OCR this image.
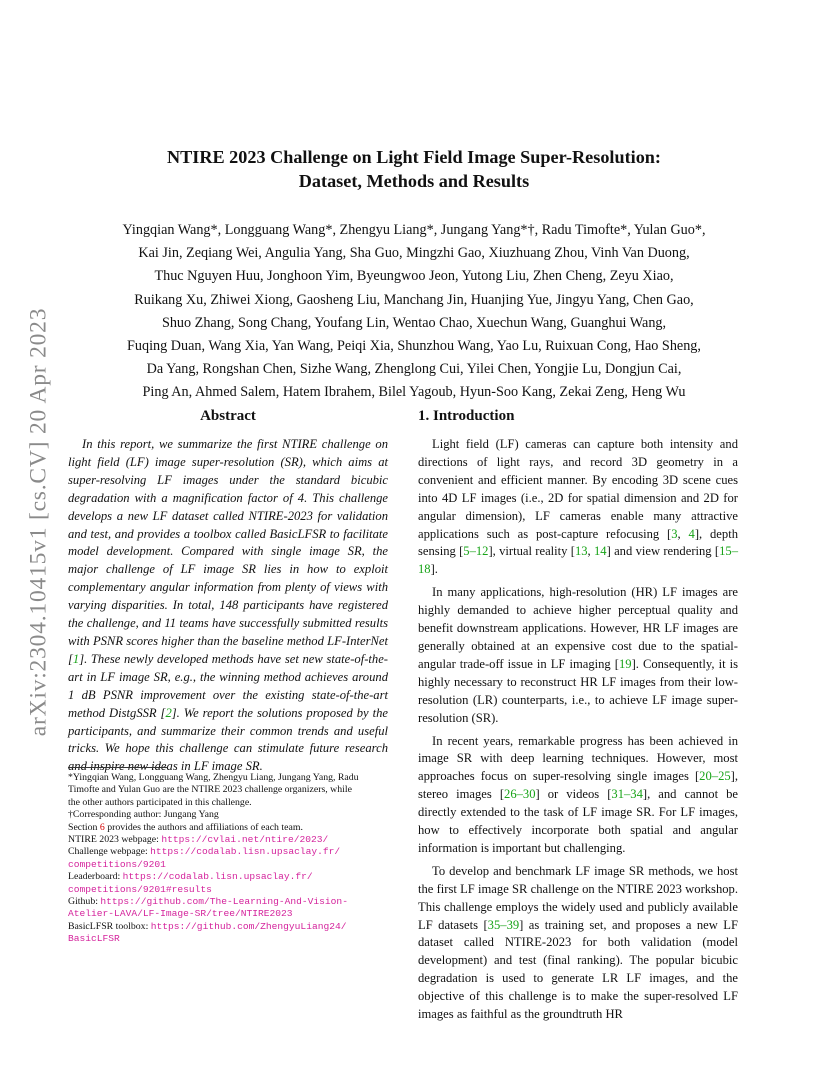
arXiv:2304.10415v1 [cs.CV] 20 Apr 2023
NTIRE 2023 Challenge on Light Field Image Super-Resolution:
Dataset, Methods and Results
Yingqian Wang*, Longguang Wang*, Zhengyu Liang*, Jungang Yang*†, Radu Timofte*, Yulan Guo*,
Kai Jin, Zeqiang Wei, Angulia Yang, Sha Guo, Mingzhi Gao, Xiuzhuang Zhou, Vinh Van Duong,
Thuc Nguyen Huu, Jonghoon Yim, Byeungwoo Jeon, Yutong Liu, Zhen Cheng, Zeyu Xiao,
Ruikang Xu, Zhiwei Xiong, Gaosheng Liu, Manchang Jin, Huanjing Yue, Jingyu Yang, Chen Gao,
Shuo Zhang, Song Chang, Youfang Lin, Wentao Chao, Xuechun Wang, Guanghui Wang,
Fuqing Duan, Wang Xia, Yan Wang, Peiqi Xia, Shunzhou Wang, Yao Lu, Ruixuan Cong, Hao Sheng,
Da Yang, Rongshan Chen, Sizhe Wang, Zhenglong Cui, Yilei Chen, Yongjie Lu, Dongjun Cai,
Ping An, Ahmed Salem, Hatem Ibrahem, Bilel Yagoub, Hyun-Soo Kang, Zekai Zeng, Heng Wu
Abstract

In this report, we summarize the first NTIRE challenge on light field (LF) image super-resolution (SR), which aims at super-resolving LF images under the standard bicubic degradation with a magnification factor of 4. This challenge develops a new LF dataset called NTIRE-2023 for validation and test, and provides a toolbox called BasicLFSR to facilitate model development. Compared with single image SR, the major challenge of LF image SR lies in how to exploit complementary angular information from plenty of views with varying disparities. In total, 148 participants have registered the challenge, and 11 teams have successfully submitted results with PSNR scores higher than the baseline method LF-InterNet [1]. These newly developed methods have set new state-of-the-art in LF image SR, e.g., the winning method achieves around 1 dB PSNR improvement over the existing state-of-the-art method DistgSSR [2]. We report the solutions proposed by the participants, and summarize their common trends and useful tricks. We hope this challenge can stimulate future research and inspire new ideas in LF image SR.

*Yingqian Wang, Longguang Wang, Zhengyu Liang, Jungang Yang, Radu
Timofte and Yulan Guo are the NTIRE 2023 challenge organizers, while
the other authors participated in this challenge.
†Corresponding author: Jungang Yang
Section 6 provides the authors and affiliations of each team.
NTIRE 2023 webpage: https://cvlai.net/ntire/2023/
Challenge webpage: https://codalab.lisn.upsaclay.fr/
competitions/9201
Leaderboard: https://codalab.lisn.upsaclay.fr/
competitions/9201#results
Github: https://github.com/The-Learning-And-Vision-
Atelier-LAVA/LF-Image-SR/tree/NTIRE2023
BasicLFSR toolbox: https://github.com/ZhengyuLiang24/
BasicLFSR
1. Introduction

Light field (LF) cameras can capture both intensity and directions of light rays, and record 3D geometry in a convenient and efficient manner. By encoding 3D scene cues into 4D LF images (i.e., 2D for spatial dimension and 2D for angular dimension), LF cameras enable many attractive applications such as post-capture refocusing [3, 4], depth sensing [5–12], virtual reality [13, 14] and view rendering [15–18].

In many applications, high-resolution (HR) LF images are highly demanded to achieve higher perceptual quality and benefit downstream applications. However, HR LF images are generally obtained at an expensive cost due to the spatial-angular trade-off issue in LF imaging [19]. Consequently, it is highly necessary to reconstruct HR LF images from their low-resolution (LR) counterparts, i.e., to achieve LF image super-resolution (SR).

In recent years, remarkable progress has been achieved in image SR with deep learning techniques. However, most approaches focus on super-resolving single images [20–25], stereo images [26–30] or videos [31–34], and cannot be directly extended to the task of LF image SR. For LF images, how to effectively incorporate both spatial and angular information is important but challenging.

To develop and benchmark LF image SR methods, we host the first LF image SR challenge on the NTIRE 2023 workshop. This challenge employs the widely used and publicly available LF datasets [35–39] as training set, and proposes a new LF dataset called NTIRE-2023 for both validation (model development) and test (final ranking). The popular bicubic degradation is used to generate LR LF images, and the objective of this challenge is to make the super-resolved LF images as faithful as the groundtruth HR
